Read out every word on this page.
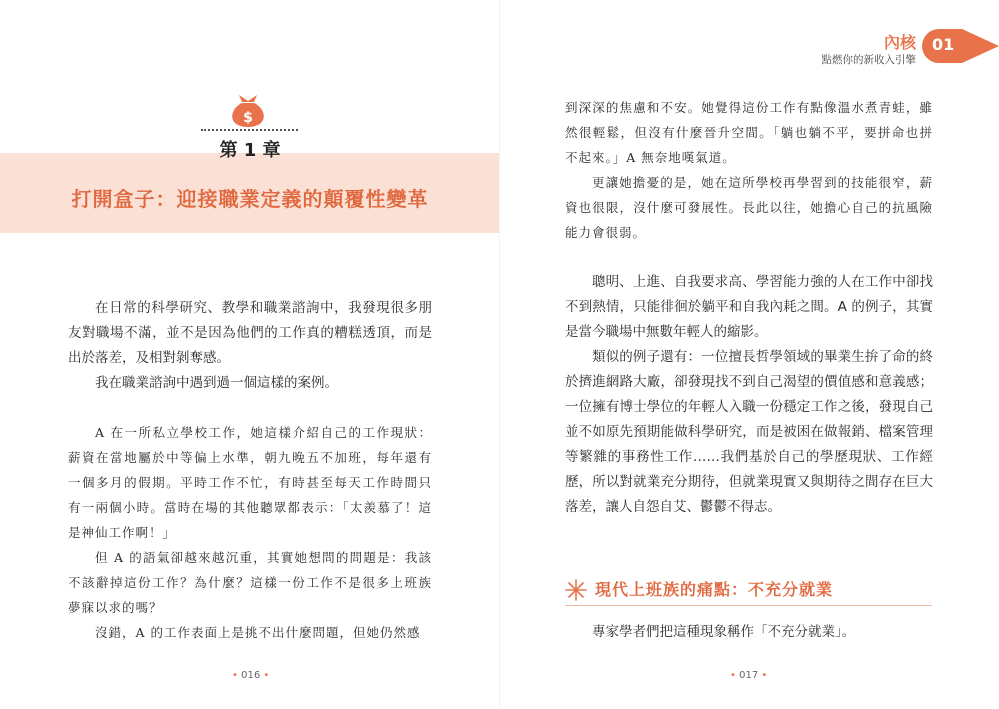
$
第 1 章
打開盒子：迎接職業定義的顛覆性變革

在日常的科學研究、教學和職業諮詢中，我發現很多朋友對職場不滿，並不是因為他們的工作真的糟糕透頂，而是出於落差，及相對剝奪感。

我在職業諮詢中遇到過一個這樣的案例。

A 在一所私立學校工作，她這樣介紹自己的工作現狀：薪資在當地屬於中等偏上水準，朝九晚五不加班，每年還有一個多月的假期。平時工作不忙，有時甚至每天工作時間只有一兩個小時。當時在場的其他聽眾都表示：「太羨慕了！這是神仙工作啊！」

但 A 的語氣卻越來越沉重，其實她想問的問題是：我該不該辭掉這份工作？為什麼？這樣一份工作不是很多上班族夢寐以求的嗎？

沒錯，A 的工作表面上是挑不出什麼問題，但她仍然感

• 016 •
內核
點燃你的新收入引擎
01

到深深的焦慮和不安。她覺得這份工作有點像溫水煮青蛙，雖然很輕鬆，但沒有什麼晉升空間。「躺也躺不平，要拼命也拼不起來。」A 無奈地嘆氣道。

更讓她擔憂的是，她在這所學校再學習到的技能很窄，薪資也很限，沒什麼可發展性。長此以往，她擔心自己的抗風險能力會很弱。

聰明、上進、自我要求高、學習能力強的人在工作中卻找不到熱情，只能徘徊於躺平和自我內耗之間。A 的例子，其實是當今職場中無數年輕人的縮影。

類似的例子還有：一位擅長哲學領域的畢業生拚了命的終於擠進網路大廠，卻發現找不到自己渴望的價值感和意義感；一位擁有博士學位的年輕人入職一份穩定工作之後，發現自己並不如原先預期能做科學研究，而是被困在做報銷、檔案管理等繁雜的事務性工作……我們基於自己的學歷現狀、工作經歷，所以對就業充分期待，但就業現實又與期待之間存在巨大落差，讓人自怨自艾、鬱鬱不得志。

現代上班族的痛點：不充分就業

專家學者們把這種現象稱作「不充分就業」。

• 017 •
